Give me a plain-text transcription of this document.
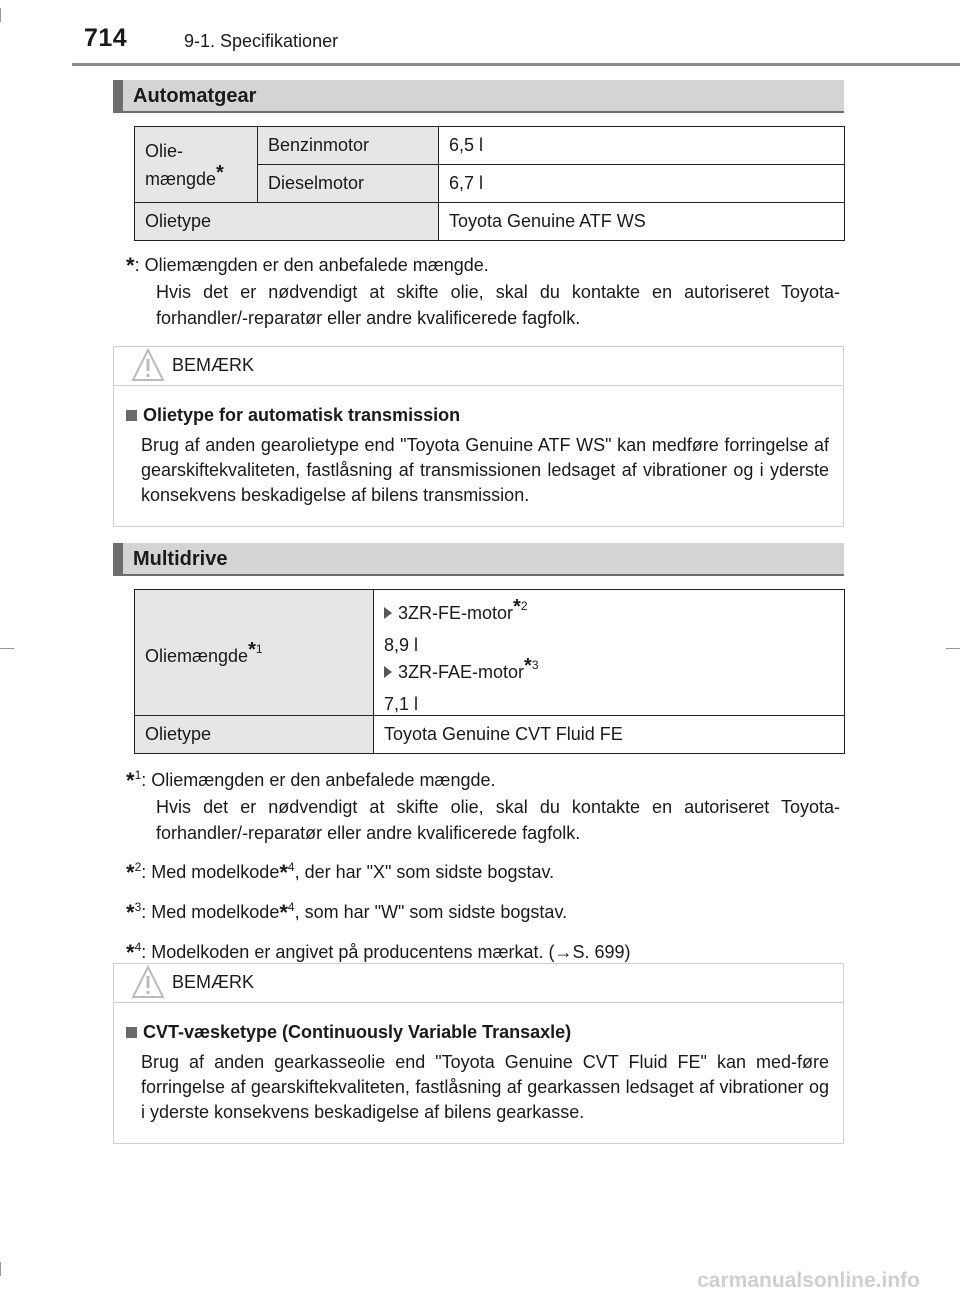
714	9-1. Specifikationer
Automatgear
Olie-
mængde*	Benzinmotor	6,5 l
	Dieselmotor	6,7 l
Olietype		Toyota Genuine ATF WS
*: Oliemængden er den anbefalede mængde.
Hvis det er nødvendigt at skifte olie, skal du kontakte en autoriseret Toyota-forhandler/-reparatør eller andre kvalificerede fagfolk.
BEMÆRK
Olietype for automatisk transmission
Brug af anden gearolietype end "Toyota Genuine ATF WS" kan medføre forringelse af gearskiftekvaliteten, fastlåsning af transmissionen ledsaget af vibrationer og i yderste konsekvens beskadigelse af bilens transmission.
Multidrive
Oliemængde$^{*1}$	3ZR-FE-motor$^{*2}$
8,9 l
3ZR-FAE-motor$^{*3}$
7,1 l

Olietype	Toyota Genuine CVT Fluid FE
*$^1$: Oliemængden er den anbefalede mængde.
Hvis det er nødvendigt at skifte olie, skal du kontakte en autoriseret Toyota-forhandler/-reparatør eller andre kvalificerede fagfolk.
*$^2$: Med modelkode*$^4$, der har "X" som sidste bogstav.
*$^3$: Med modelkode*$^4$, som har "W" som sidste bogstav.
*$^4$: Modelkoden er angivet på producentens mærkat. (→S. 699)
BEMÆRK
CVT-væsketype (Continuously Variable Transaxle)
Brug af anden gearkasseolie end "Toyota Genuine CVT Fluid FE" kan med-føre forringelse af gearskiftekvaliteten, fastlåsning af gearkassen ledsaget af vibrationer og i yderste konsekvens beskadigelse af bilens gearkasse.
carmanualsonline.info
